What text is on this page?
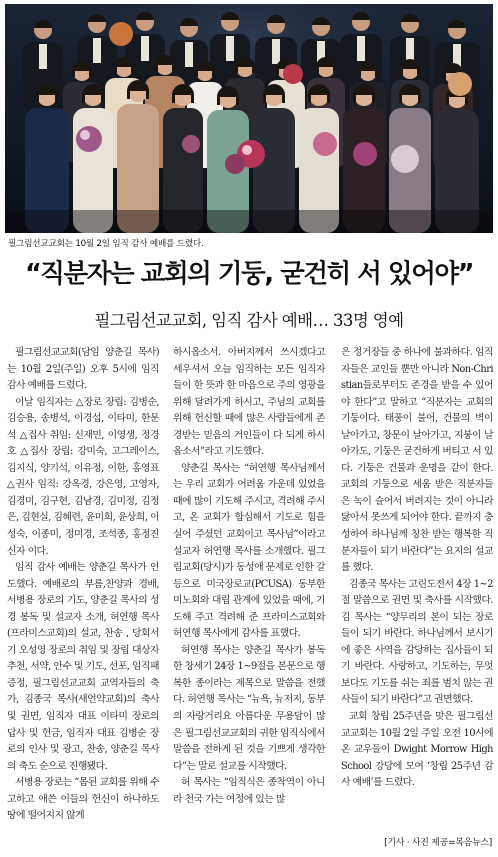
필그림선교교회는 10월 2일 임직 감사 예배를 드렸다.
“직분자는 교회의 기둥, 굳건히 서 있어야”
필그림선교교회, 임직 감사 예배… 33명 영예

필그림선교교회(담임 양춘길 목사)는 10월 2일(주일) 오후 5시에 임직 감사 예배를 드렸다.

이날 임직자는 △장로 장립: 김병순, 김승용, 송병석, 이경섭, 이타미, 한문석 △집사 취임: 신재민, 이영생, 정경호 △집사 장립: 강미숙, 고그레이스, 김지식, 양기석, 이유정, 이한, 홍영표 △권사 임직: 강옥경, 강은영, 고영자, 김경미, 김구현, 김남경, 김미정, 김정은, 김현실, 김혜련, 윤미희, 윤상희, 이성숙, 이종미, 정미경, 조석종, 홍정진 신자 이다.

임직 감사 예배는 양춘길 목사가 인도했다. 예배로의 부름,찬양과 경배, 서병용 장로의 기도, 양춘길 목사의 성경 봉독 및 설교자 소개, 허연행 목사(프라미스교회)의 설교, 찬송 , 당회서기 오성영 장로의 취임 및 장립 대상자 추천, 서약, 안수 및 기도, 선포, 임직패 증정, 필그림선교교회 교역자들의 축가, 김종국 목사(새언약교회)의 축사 및 권면, 임직자 대표 이타미 장로의 답사 및 헌금, 임직자 대표 김병순 장로의 인사 및 광고, 찬송, 양춘길 목사의 축도 순으로 진행됐다.

서병용 장로는 “몸된 교회를 위해 수고하고 애쓴 이들의 헌신이 하나하도 땅에 떨어지지 않게

하시옵소서. 아버지께서 쓰시겠다고 세우셔서 오늘 임직하는 모든 임직자들이 한 뜻과 한 마음으로 주의 영광을 위해 달려가게 하시고, 주님의 교회를 위해 헌신할 때에 많은 사람들에게 존경받는 믿음의 거인들이 다 되게 하시옵소서”라고 기도했다.

양춘길 목사는 “허연행 목사님께서는 우리 교회가 어려움 가운데 있었을 때에 많이 기도해 주시고, 격려해 주시고, 온 교회가 합심해서 기도로 힘을 실어 주셨던 교회이고 목사님”이라고 설교자 허연행 목사를 소개했다. 필그림교회(당시)가 동성애 문제로 인한 갈등으로 미국장로교(PCUSA) 동부한미노회와 대립 관계에 있었을 때에, 기도해 주고 격려해 준 프라미스교회와 허연행 목사에게 감사를 표했다.

허연행 목사는 양춘길 목사가 봉독한 창세기 24장 1~9절을 본문으로 행복한 종이라는 제목으로 말씀을 전했다. 허연행 목사는 “뉴욕, 뉴저지, 동부의 자랑거리요 아름다운 무용담이 많은 필그림선교교회의 귀한 임직식에서 말씀을 전하게 된 것을 기쁘게 생각한다”는 말로 설교를 시작했다.

허 목사는 “임직식은 종착역이 아니라 천국 가는 여정에 있는 많

은 정거장들 중 하나에 불과하다. 임직자들은 교인들 뿐만 아니라 Non-Christian들로부터도 존경을 받을 수 있어야 한다”고 말하고 “직분자는 교회의 기둥이다. 태풍이 불어, 건물의 벽이 날아가고, 창문이 날아가고, 지붕이 날아가도, 기둥은 굳건하게 버티고 서 있다. 기둥은 건물과 운명을 같이 한다. 교회의 기둥으로 세움 받은 직분자들은 녹이 슬어서 버려지는 것이 아니라 닳아서 못쓰게 되어야 한다. 끝까지 충성하여 하나님께 칭찬 받는 행복한 직분자들이 되기 바란다”는 요지의 설교를 했다.

김종국 목사는 고린도전서 4장 1~2절 말씀으로 권면 및 축사를 시작했다. 김 목사는 “양무리의 본이 되는 장로들이 되기 바란다. 하나님께서 보시기에 좋은 사역을 감당하는 집사들이 되기 바란다. 사랑하고, 기도하는, 무엇보다도 기도를 쉬는 죄를 범치 않는 권사들이 되기 바란다”고 권면했다.

교회 창립 25주년을 맞은 필그림선교교회는 10월 2일 주일 오전 10시에 온 교우들이 Dwight Morrow High School 강당에 모여 ‘창립 25주년 감사 예배’를 드렸다.

[기사 · 사진 제공=복음뉴스]
